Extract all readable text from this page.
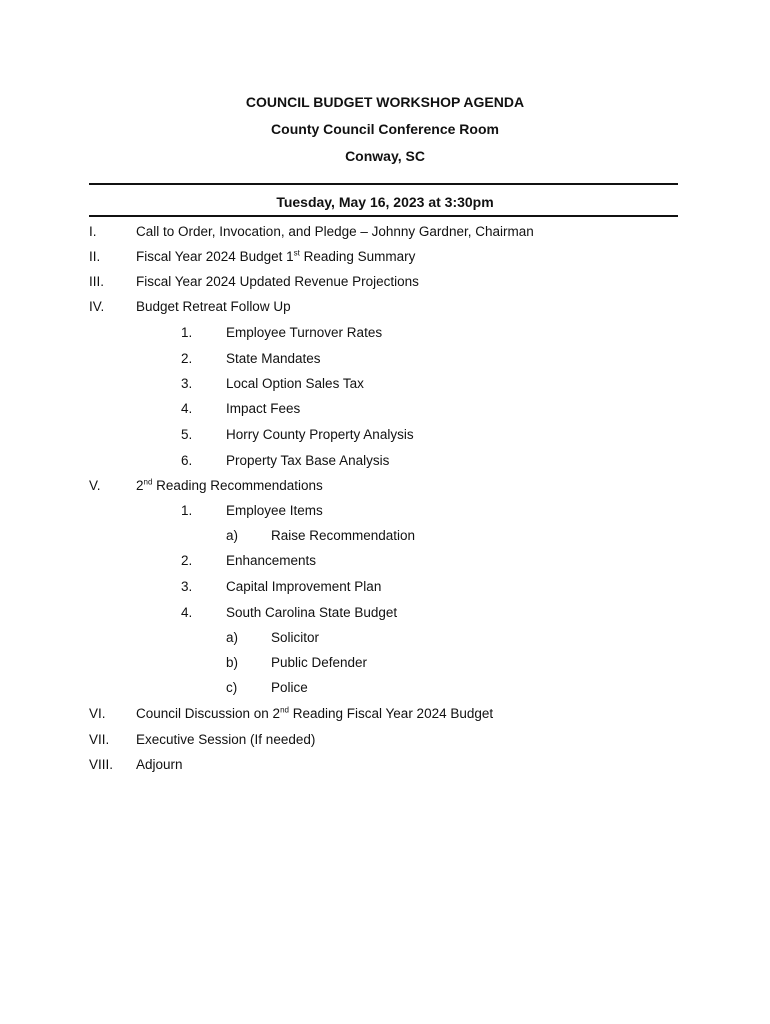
COUNCIL BUDGET WORKSHOP AGENDA
County Council Conference Room
Conway, SC
Tuesday, May 16, 2023 at 3:30pm
I.	Call to Order, Invocation, and Pledge – Johnny Gardner, Chairman
II.	Fiscal Year 2024 Budget 1st Reading Summary
III. Fiscal Year 2024 Updated Revenue Projections
IV. Budget Retreat Follow Up
1. Employee Turnover Rates
2. State Mandates
3. Local Option Sales Tax
4. Impact Fees
5. Horry County Property Analysis
6. Property Tax Base Analysis
V.	2nd Reading Recommendations
1. Employee Items
a) Raise Recommendation
2. Enhancements
3. Capital Improvement Plan
4. South Carolina State Budget
a) Solicitor
b) Public Defender
c)	Police
VI. Council Discussion on 2nd Reading Fiscal Year 2024 Budget
VII. Executive Session (If needed)
VIII. Adjourn
